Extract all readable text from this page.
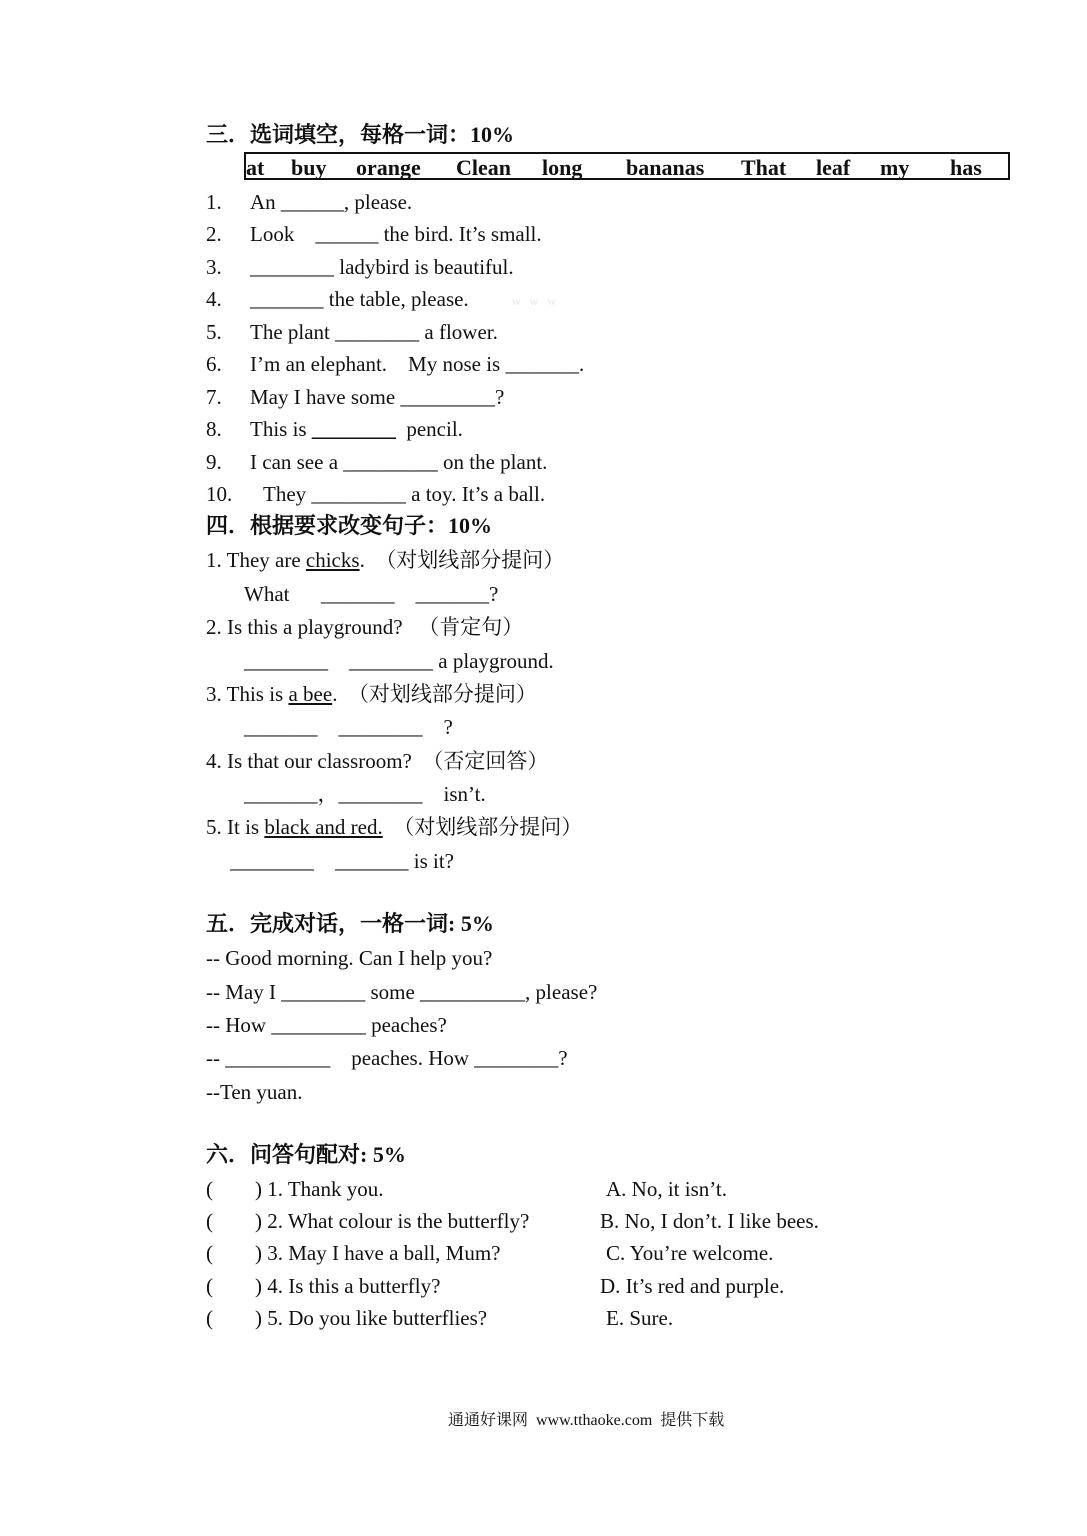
三．选词填空，每格一词：10%
at buy orange Clean long bananas That leaf my has
1. An ______, please.
2. Look    ______ the bird. It’s small.
3. ________ ladybird is beautiful.
4. _______ the table, please.	w   w   w
5. The plant ________ a flower.
6. I’m an elephant.    My nose is _______.
7. May I have some _________?
8. This is ________  pencil.
9. I can see a _________ on the plant.
10. They _________ a toy. It’s a ball.
四．根据要求改变句子：10%
1. They are chicks.  （对划线部分提问）
What      _______    _______?
2. Is this a playground?   （肯定句）
________    ________ a playground.
3. This is a bee.  （对划线部分提问）
_______    ________    ?
4. Is that our classroom?  （否定回答）
_______，________    isn’t.
5. It is black and red.  （对划线部分提问）
________    _______ is it?
五．完成对话，一格一词: 5%
-- Good morning. Can I help you?
-- May I ________ some __________, please?
-- How _________ peaches?
-- __________    peaches. How ________?
--Ten yuan.
六．问答句配对: 5%
(        ) 1. Thank you.	A. No, it isn’t.
(        ) 2. What colour is the butterfly?	B. No, I don’t. I like bees.
(        ) 3. May I have a ball, Mum?	C. You’re welcome.
(        ) 4. Is this a butterfly?	D. It’s red and purple.
(        ) 5. Do you like butterflies?	E. Sure.
通通好课网  www.tthaoke.com  提供下载
